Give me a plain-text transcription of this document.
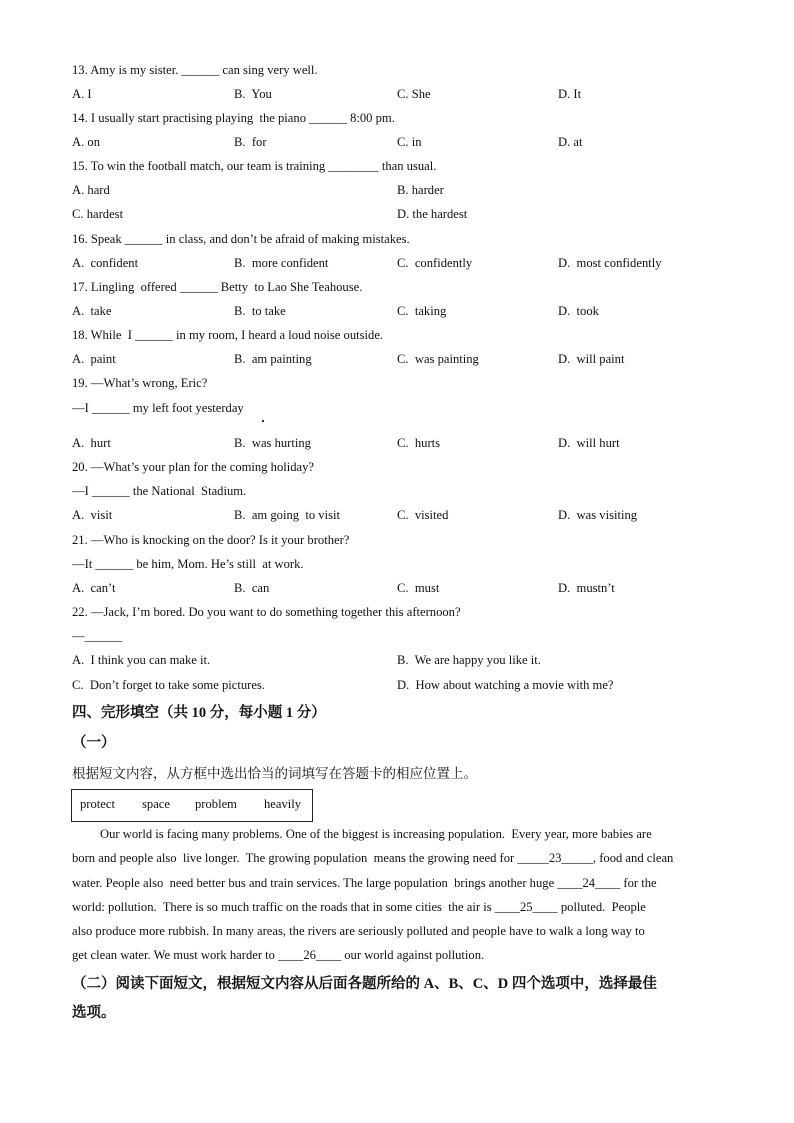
13. Amy is my sister. ______ can sing very well.
A. I	B.  You	C. She	D. It
14. I usually start practising playing  the piano ______ 8:00 pm.
A. on	B.  for	C. in	D. at
15. To win the football match, our team is training ________ than usual.
A. hard	B. harder
C. hardest	D. the hardest
16. Speak ______ in class, and don’t be afraid of making mistakes.
A.  confident	B.  more confident	C.  confidently	D.  most confidently
17. Lingling  offered ______ Betty  to Lao She Teahouse.
A.  take	B.  to take	C.  taking	D.  took
18. While  I ______ in my room, I heard a loud noise outside.
A.  paint	B.  am painting	C.  was painting	D.  will paint
19. —What’s wrong, Eric?
—I ______ my left foot yesterday
A.  hurt	B.  was hurting	C.  hurts	D.  will hurt
20. —What’s your plan for the coming holiday?
—I ______ the National  Stadium.
A.  visit	B.  am going  to visit	C.  visited	D.  was visiting
21. —Who is knocking on the door? Is it your brother?
—It ______ be him, Mom. He’s still  at work.
A.  can’t	B.  can	C.  must	D.  mustn’t
22. —Jack, I’m bored. Do you want to do something together this afternoon?
—______
A.  I think you can make it.	B.  We are happy you like it.
C.  Don’t forget to take some pictures.	D.  How about watching a movie with me?
四、完形填空（共 10 分，每小题 1 分）
（一）
根据短文内容，从方框中选出恰当的词填写在答题卡的相应位置上。
protect space problem heavily
Our world is facing many problems. One of the biggest is increasing population.  Every year, more babies are
born and people also  live longer.  The growing population  means the growing need for _____23_____, food and clean
water. People also  need better bus and train services. The large population  brings another huge ____24____ for the
world: pollution.  There is so much traffic on the roads that in some cities  the air is ____25____ polluted.  People
also produce more rubbish. In many areas, the rivers are seriously polluted and people have to walk a long way to
get clean water. We must work harder to ____26____ our world against pollution.
（二）阅读下面短文，根据短文内容从后面各题所给的 A、B、C、D 四个选项中，选择最佳
选项。
